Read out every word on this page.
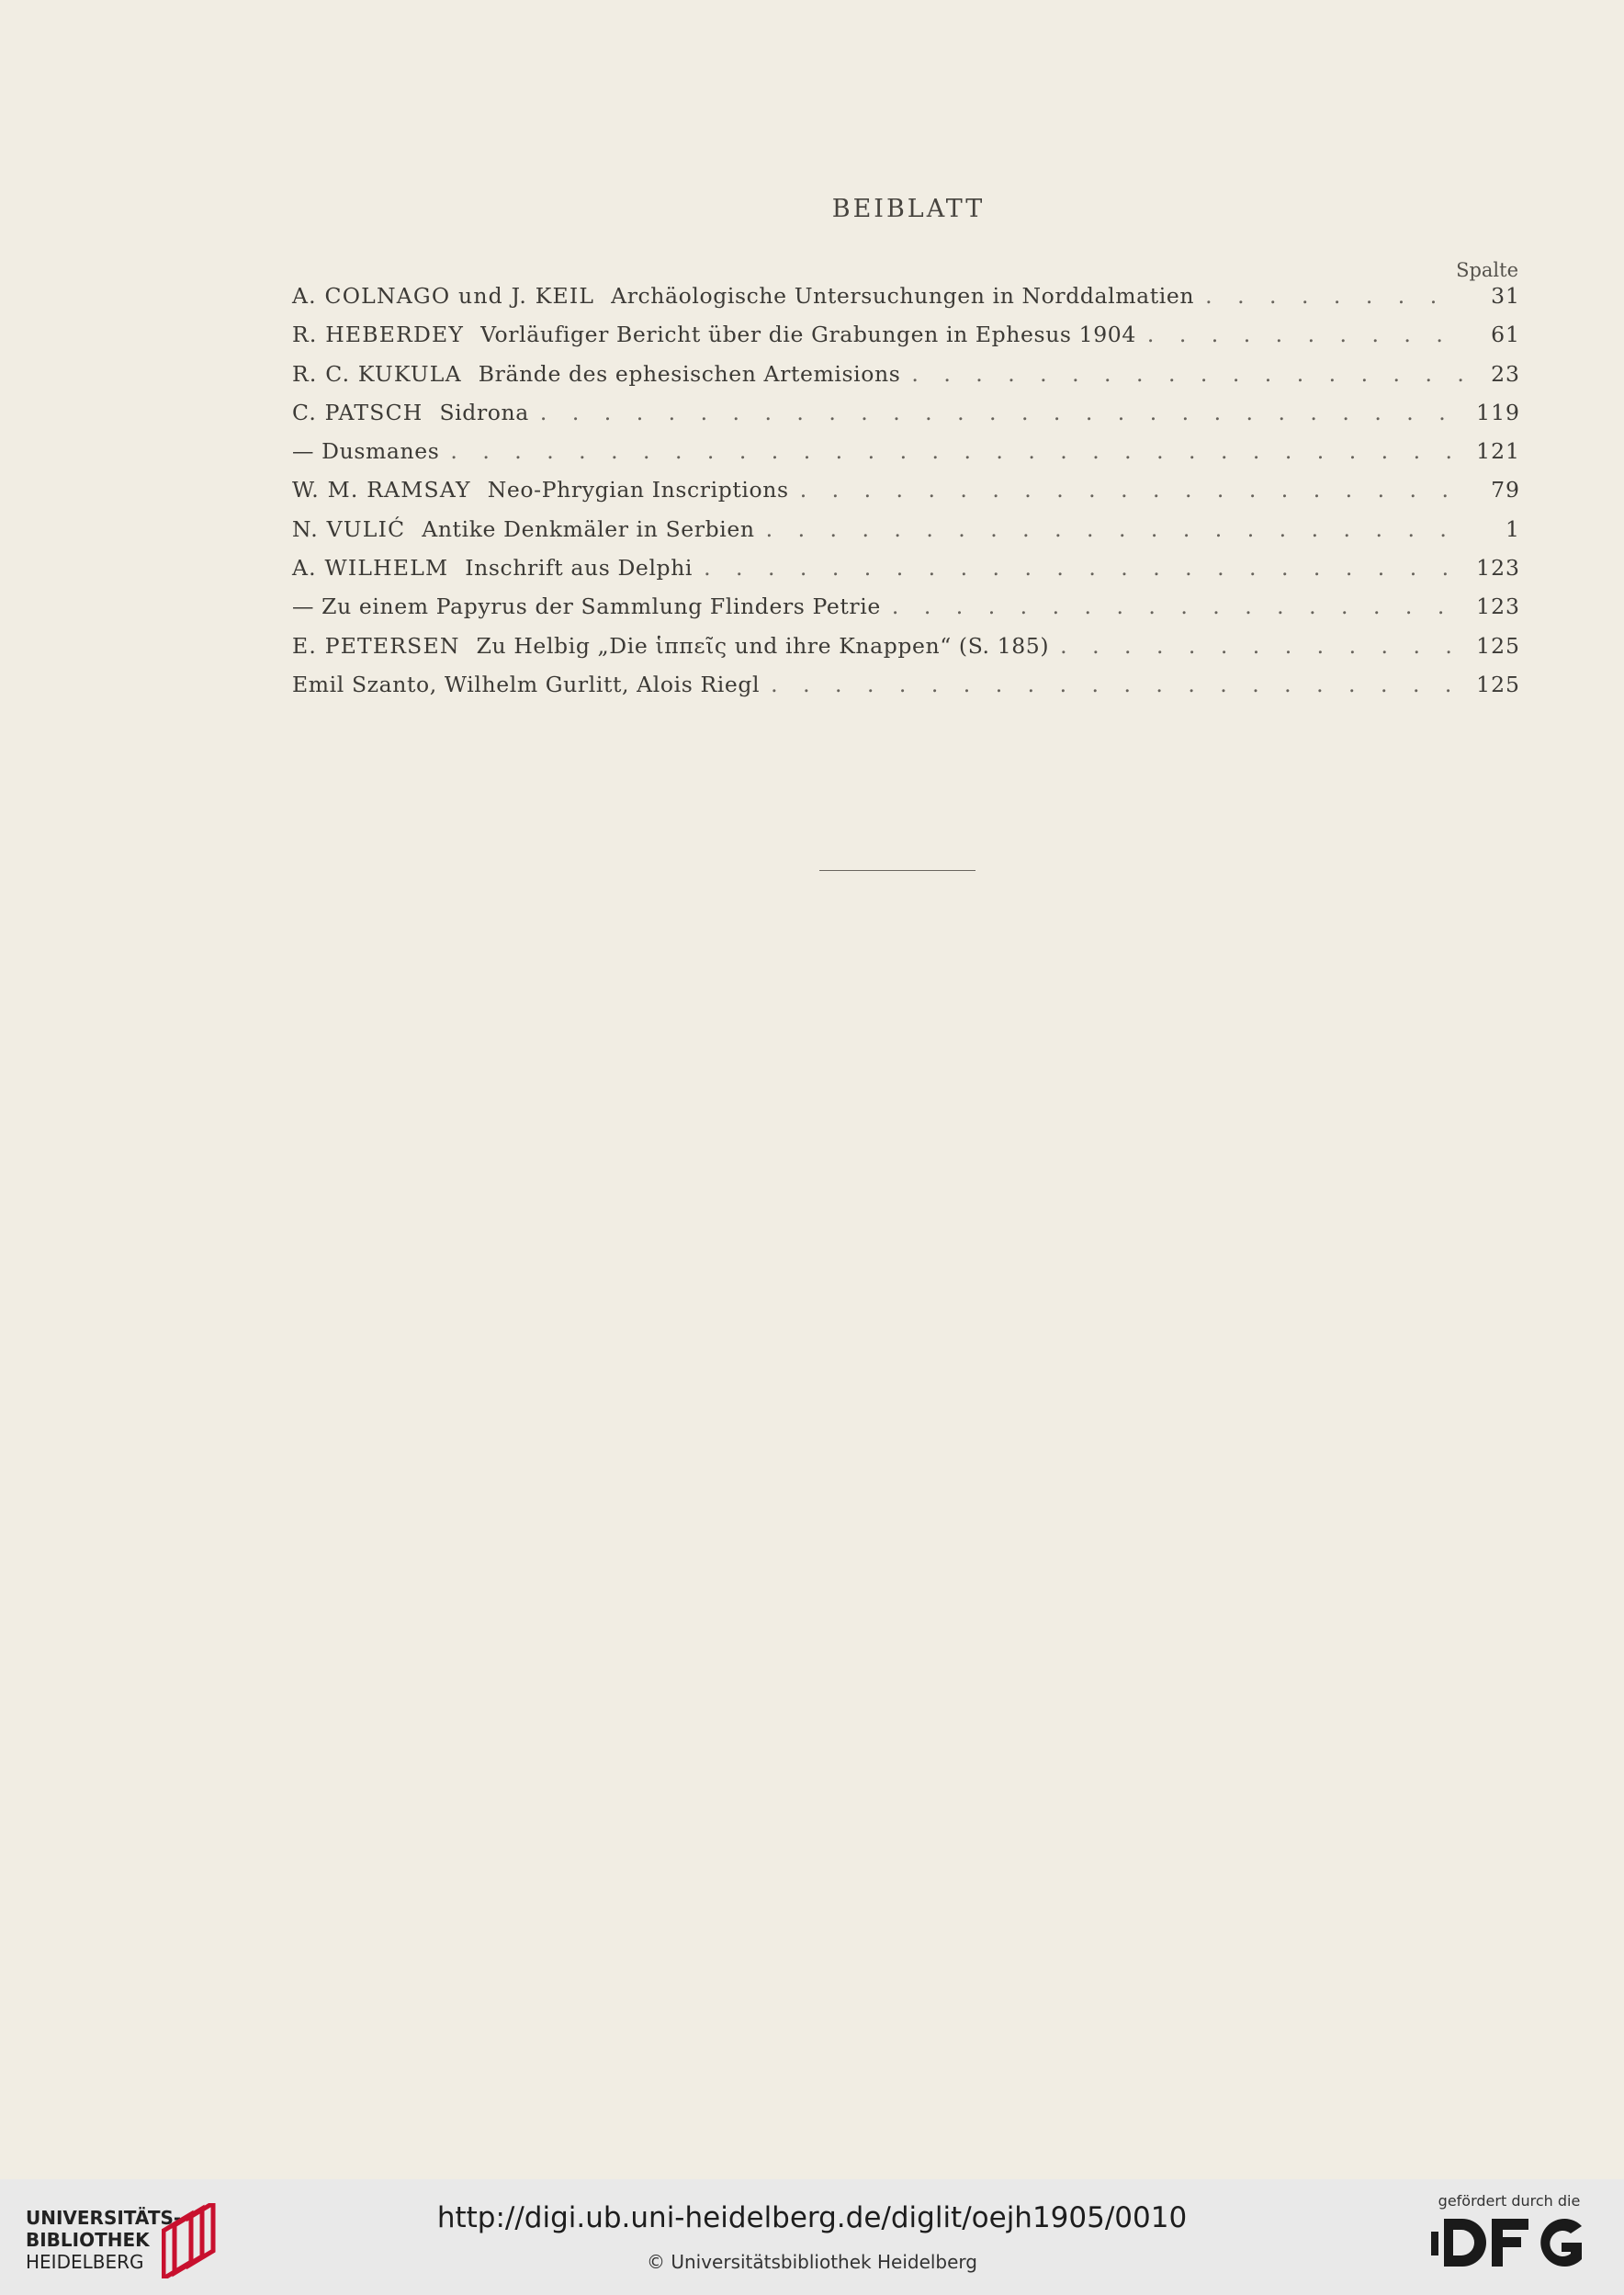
BEIBLATT
Spalte
A. COLNAGO und J. KEIL Archäologische Untersuchungen in Norddalmatien . . .	31
R. HEBERDEY Vorläufiger Bericht über die Grabungen in Ephesus 1904 . . .	61
R. C. KUKULA Brände des ephesischen Artemisions . . .	23
C. PATSCH Sidrona . . .	119
— Dusmanes . . .	121
W. M. RAMSAY Neo-Phrygian Inscriptions . . .	79
N. VULIĆ Antike Denkmäler in Serbien . . .	1
A. WILHELM Inschrift aus Delphi . . .	123
— Zu einem Papyrus der Sammlung Flinders Petrie . . .	123
E. PETERSEN Zu Helbig „Die ἱππεῖς und ihre Knappen“ (S. 185) . . .	125
Emil Szanto, Wilhelm Gurlitt, Alois Riegl . . .	125
UNIVERSITÄTS-
BIBLIOTHEK
HEIDELBERG
http://digi.ub.uni-heidelberg.de/diglit/oejh1905/0010
© Universitätsbibliothek Heidelberg
gefördert durch die
